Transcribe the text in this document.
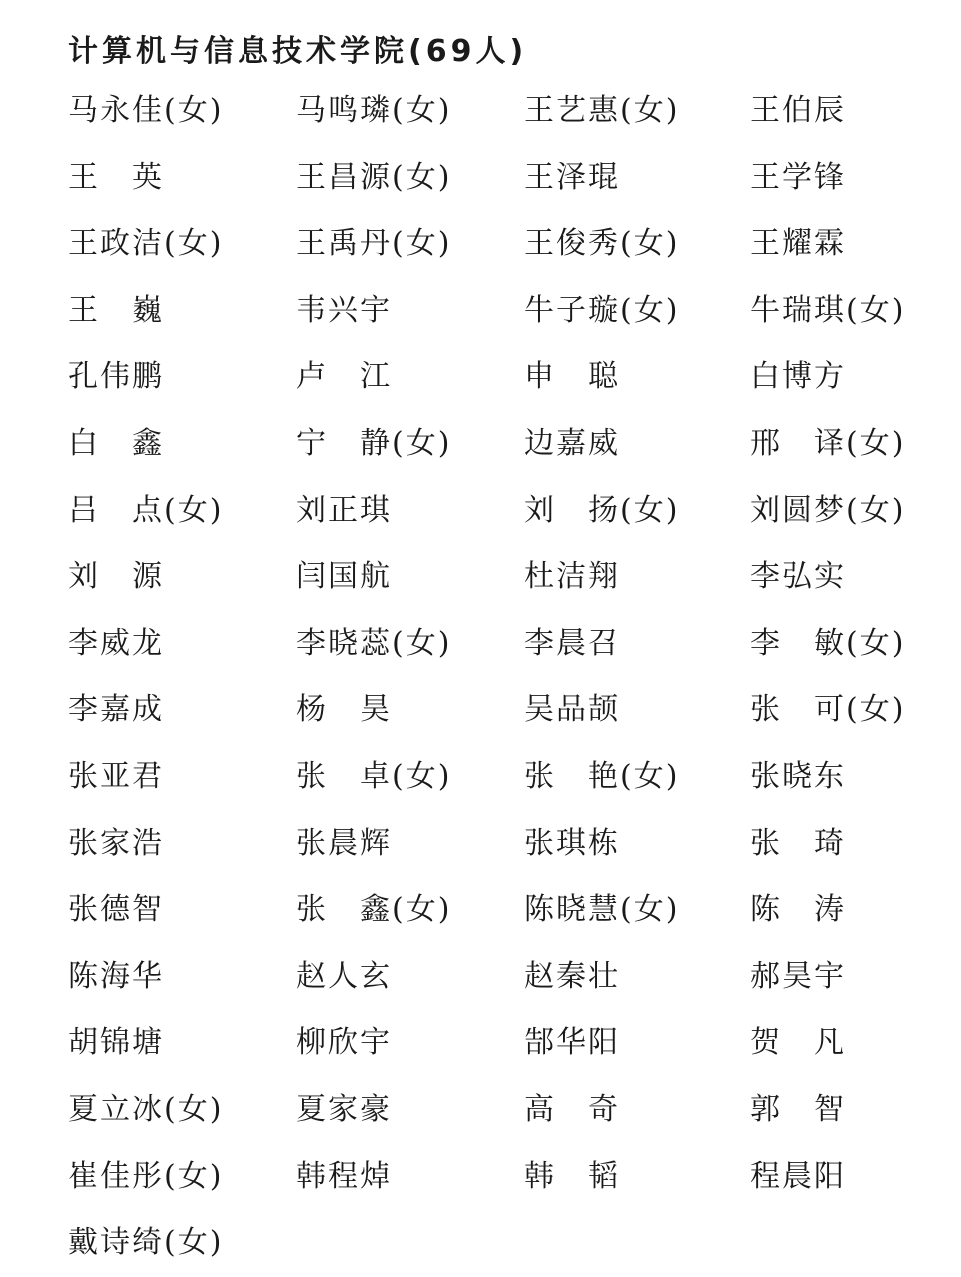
计算机与信息技术学院(69人)
马永佳(女)	马鸣璘(女)	王艺惠(女)	王伯辰
王　英	王昌源(女)	王泽琨	王学锋
王政洁(女)	王禹丹(女)	王俊秀(女)	王耀霖
王　巍	韦兴宇	牛子璇(女)	牛瑞琪(女)
孔伟鹏	卢　江	申　聪	白博方
白　鑫	宁　静(女)	边嘉威	邢　译(女)
吕　点(女)	刘正琪	刘　扬(女)	刘圆梦(女)
刘　源	闫国航	杜洁翔	李弘实
李威龙	李晓蕊(女)	李晨召	李　敏(女)
李嘉成	杨　昊	吴品颉	张　可(女)
张亚君	张　卓(女)	张　艳(女)	张晓东
张家浩	张晨辉	张琪栋	张　琦
张德智	张　鑫(女)	陈晓慧(女)	陈　涛
陈海华	赵人玄	赵秦壮	郝昊宇
胡锦塘	柳欣宇	郜华阳	贺　凡
夏立冰(女)	夏家豪	高　奇	郭　智
崔佳彤(女)	韩程焯	韩　韬	程晨阳
戴诗绮(女)
